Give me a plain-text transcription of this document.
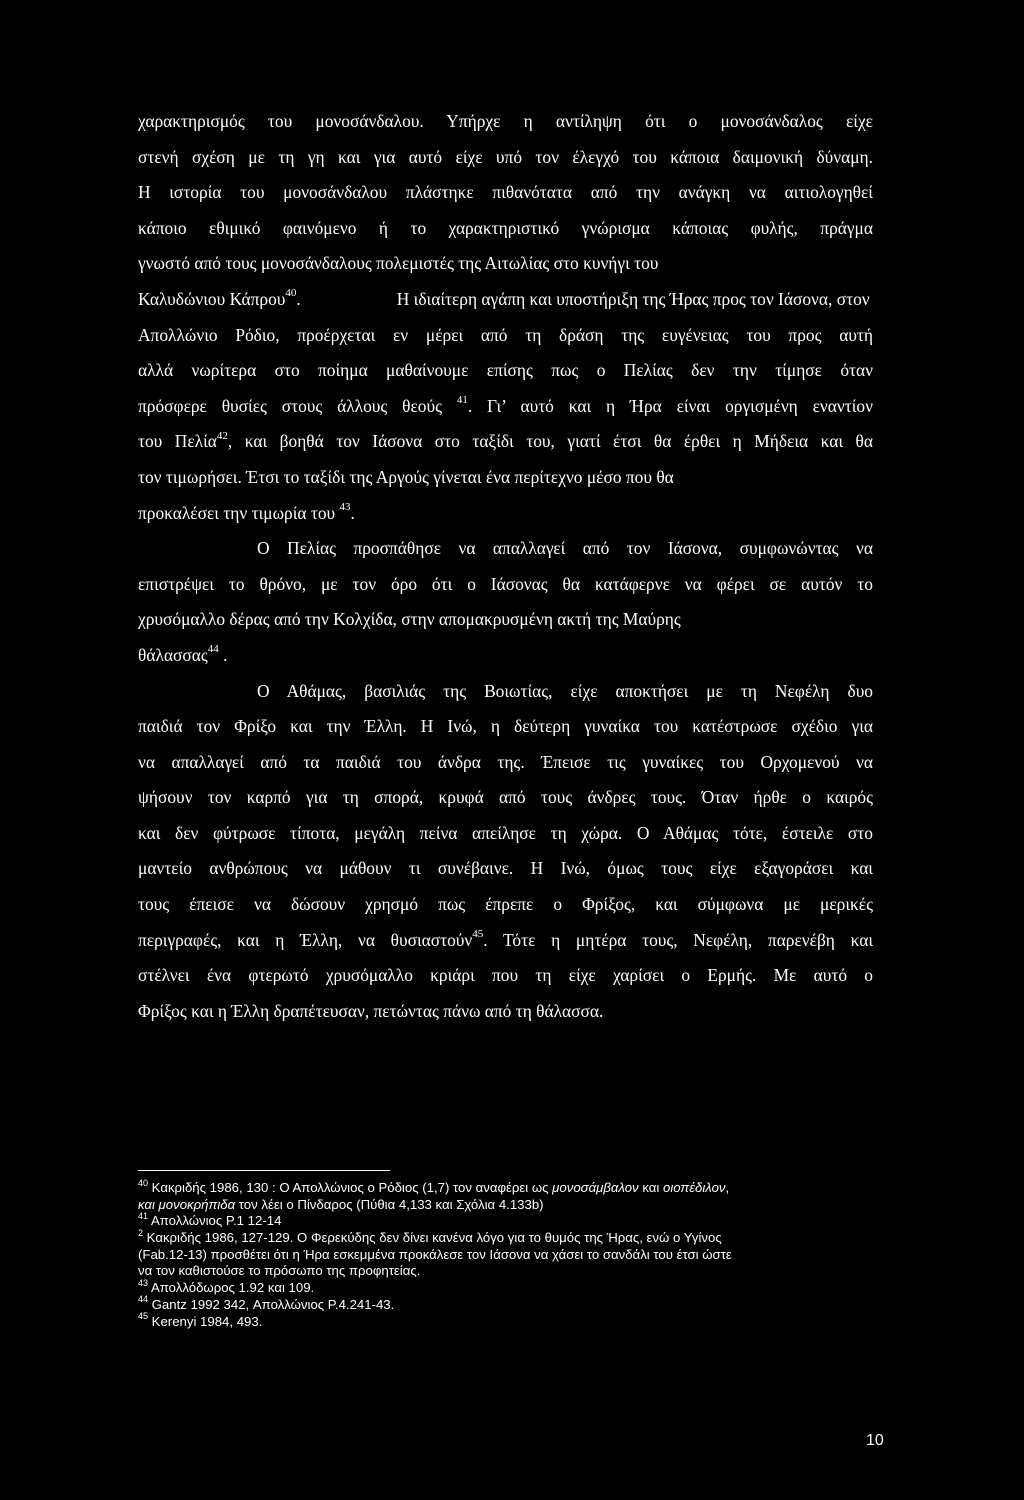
χαρακτηρισμός του μονοσάνδαλου. Υπήρχε η αντίληψη ότι ο μονοσάνδαλος είχε
στενή σχέση με τη γη και για αυτό είχε υπό τον έλεγχό του κάποια δαιμονική δύναμη.
Η ιστορία του μονοσάνδαλου πλάστηκε πιθανότατα από την ανάγκη να αιτιολογηθεί
κάποιο εθιμικό φαινόμενο ή το χαρακτηριστικό γνώρισμα κάποιας φυλής, πράγμα
γνωστό από τους μονοσάνδαλους πολεμιστές της Αιτωλίας στο κυνήγι του
Καλυδώνιου Κάπρου$^{40}$.	Η ιδιαίτερη αγάπη και υποστήριξη της Ήρας προς τον Ιάσονα, στον
Απολλώνιο Ρόδιο, προέρχεται εν μέρει από τη δράση της ευγένειας του προς αυτή
αλλά νωρίτερα στο ποίημα μαθαίνουμε επίσης πως ο Πελίας δεν την τίμησε όταν
πρόσφερε θυσίες στους άλλους θεούς $^{41}$. Γι’ αυτό και η Ήρα είναι οργισμένη εναντίον
του Πελία$^{42}$, και βοηθά τον Ιάσονα στο ταξίδι του, γιατί έτσι θα έρθει η Μήδεια και θα
τον τιμωρήσει. Έτσι το ταξίδι της Αργούς γίνεται ένα περίτεχνο μέσο που θα
προκαλέσει την τιμωρία του $^{43}$.
Ο Πελίας προσπάθησε να απαλλαγεί από τον Ιάσονα, συμφωνώντας να
επιστρέψει το θρόνο, με τον όρο ότι ο Ιάσονας θα κατάφερνε να φέρει σε αυτόν το
χρυσόμαλλο δέρας από την Κολχίδα, στην απομακρυσμένη ακτή της Μαύρης
θάλασσας$^{44}$ .
Ο Αθάμας, βασιλιάς της Βοιωτίας, είχε αποκτήσει με τη Νεφέλη δυο
παιδιά τον Φρίξο και την Έλλη. Η Ινώ, η δεύτερη γυναίκα του κατέστρωσε σχέδιο για
να απαλλαγεί από τα παιδιά του άνδρα της. Έπεισε τις γυναίκες του Ορχομενού να
ψήσουν τον καρπό για τη σπορά, κρυφά από τους άνδρες τους. Όταν ήρθε ο καιρός
και δεν φύτρωσε τίποτα, μεγάλη πείνα απείλησε τη χώρα. Ο Αθάμας τότε, έστειλε στο
μαντείο ανθρώπους να μάθουν τι συνέβαινε. Η Ινώ, όμως τους είχε εξαγοράσει και
τους έπεισε να δώσουν χρησμό πως έπρεπε ο Φρίξος, και σύμφωνα με μερικές
περιγραφές, και η Έλλη, να θυσιαστούν$^{45}$. Τότε η μητέρα τους, Νεφέλη, παρενέβη και
στέλνει ένα φτερωτό χρυσόμαλλο κριάρι που τη είχε χαρίσει ο Ερμής. Με αυτό ο
Φρίξος και η Έλλη δραπέτευσαν, πετώντας πάνω από τη θάλασσα.
$^{40}$ Κακριδής 1986, 130 : Ο Απολλώνιος ο Ρόδιος (1,7) τον αναφέρει ως μονοσάμβαλον και οιοπέδιλον,
και μονοκρήπιδα τον λέει ο Πίνδαρος (Πύθια 4,133 και Σχόλια 4.133b)
$^{41}$ Απολλώνιος Ρ.1 12-14
$^2$ Κακριδής 1986, 127-129. Ο Φερεκύδης δεν δίνει κανένα λόγο για το θυμός της Ήρας, ενώ ο Υγίνος
(Fab.12-13) προσθέτει ότι η Ήρα εσκεμμένα προκάλεσε τον Ιάσονα να χάσει το σανδάλι του έτσι ώστε
να τον καθιστούσε το πρόσωπο της προφητείας.
$^{43}$ Απολλόδωρος 1.92 και 109.
$^{44}$ Gantz 1992 342, Απολλώνιος Ρ.4.241-43.
$^{45}$ Kerenyi 1984, 493.
10
